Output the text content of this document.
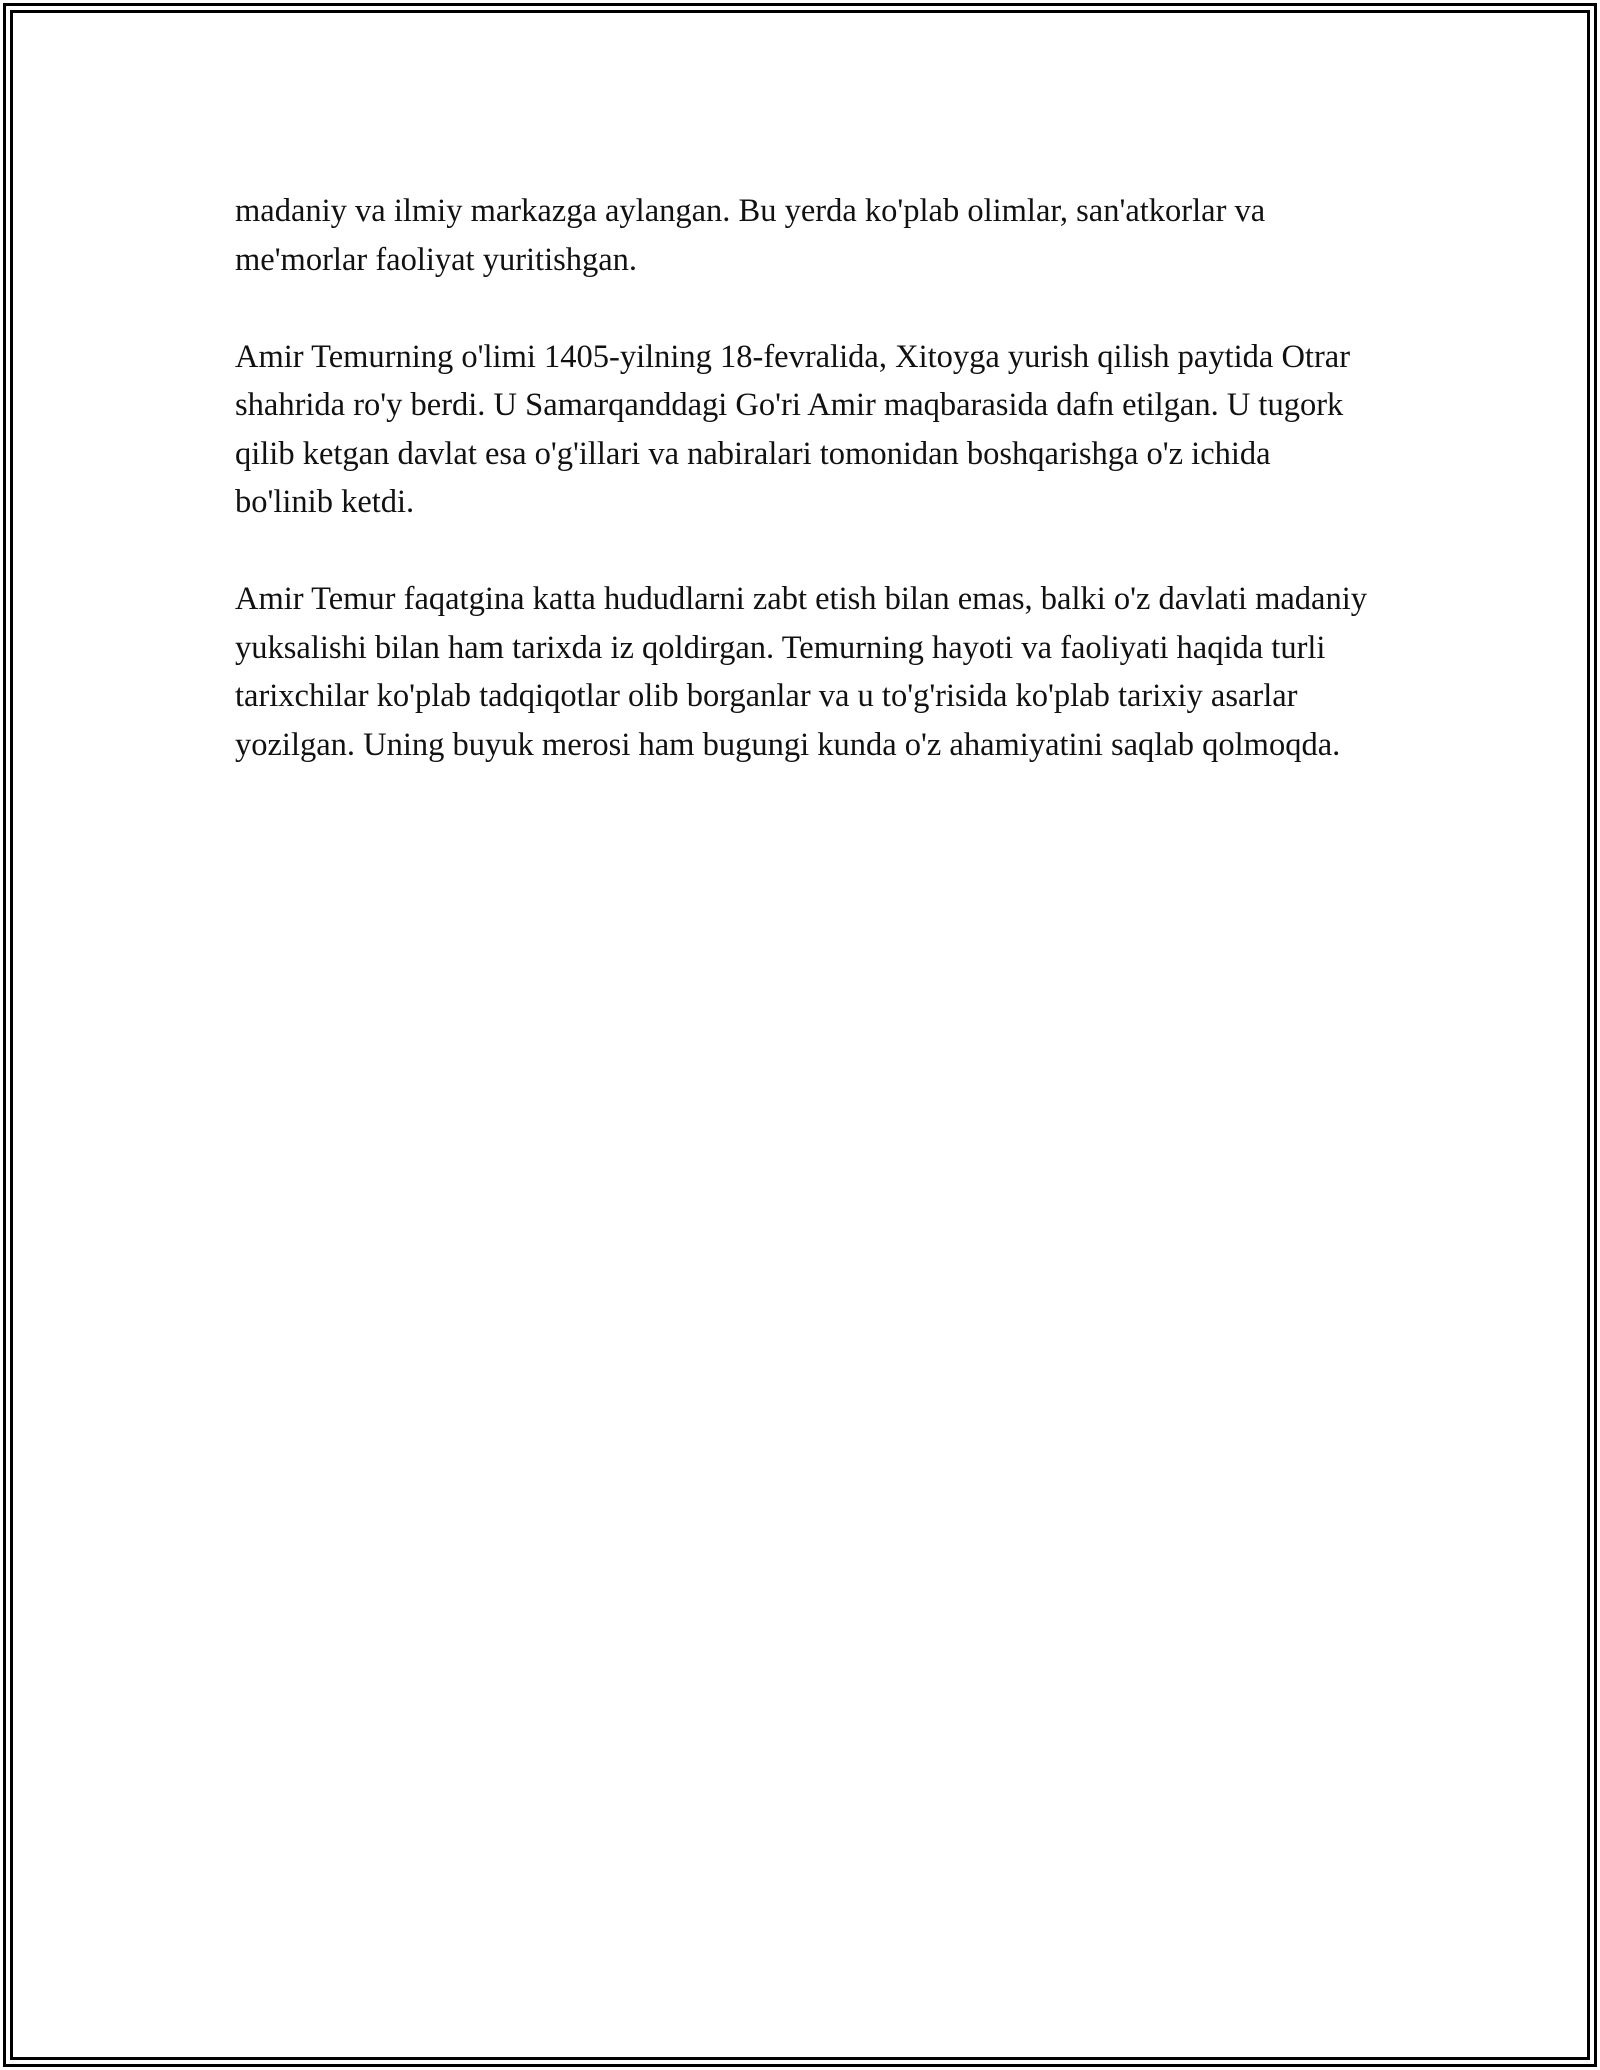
madaniy va ilmiy markazga aylangan. Bu yerda ko'plab olimlar, san'atkorlar va me'morlar faoliyat yuritishgan.

Amir Temurning o'limi 1405-yilning 18-fevralida, Xitoyga yurish qilish paytida Otrar shahrida ro'y berdi. U Samarqanddagi Go'ri Amir maqbarasida dafn etilgan. U tugork qilib ketgan davlat esa o'g'illari va nabiralari tomonidan boshqarishga o'z ichida bo'linib ketdi.

Amir Temur faqatgina katta hududlarni zabt etish bilan emas, balki o'z davlati madaniy yuksalishi bilan ham tarixda iz qoldirgan. Temurning hayoti va faoliyati haqida turli tarixchilar ko'plab tadqiqotlar olib borganlar va u to'g'risida ko'plab tarixiy asarlar yozilgan. Uning buyuk merosi ham bugungi kunda o'z ahamiyatini saqlab qolmoqda.
